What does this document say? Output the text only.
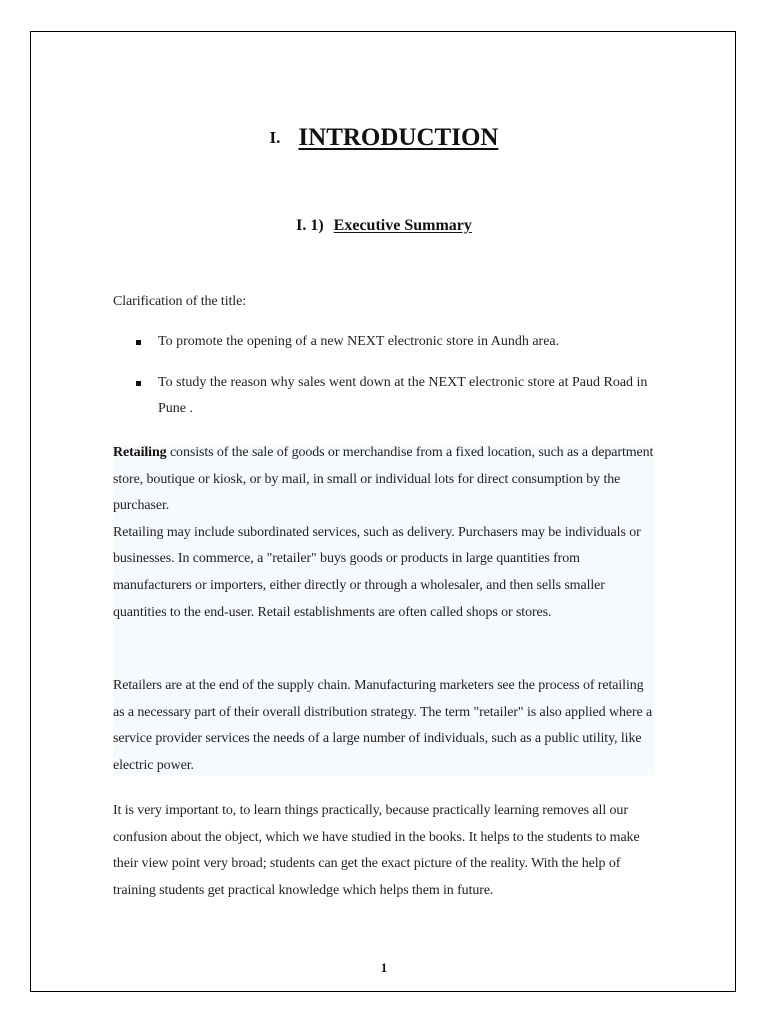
I. INTRODUCTION
I. 1) Executive Summary
Clarification of the title:
To promote the opening of a new NEXT electronic store in Aundh area.
To study the reason why sales went down at the NEXT electronic store at Paud Road in Pune .
Retailing consists of the sale of goods or merchandise from a fixed location, such as a department store, boutique or kiosk, or by mail, in small or individual lots for direct consumption by the purchaser.
Retailing may include subordinated services, such as delivery. Purchasers may be individuals or businesses. In commerce, a "retailer" buys goods or products in large quantities from manufacturers or importers, either directly or through a wholesaler, and then sells smaller quantities to the end-user. Retail establishments are often called shops or stores.
Retailers are at the end of the supply chain. Manufacturing marketers see the process of retailing as a necessary part of their overall distribution strategy. The term "retailer" is also applied where a service provider services the needs of a large number of individuals, such as a public utility, like electric power.
It is very important to, to learn things practically, because practically learning removes all our confusion about the object, which we have studied in the books. It helps to the students to make their view point very broad; students can get the exact picture of the reality. With the help of training students get practical knowledge which helps them in future.
1
